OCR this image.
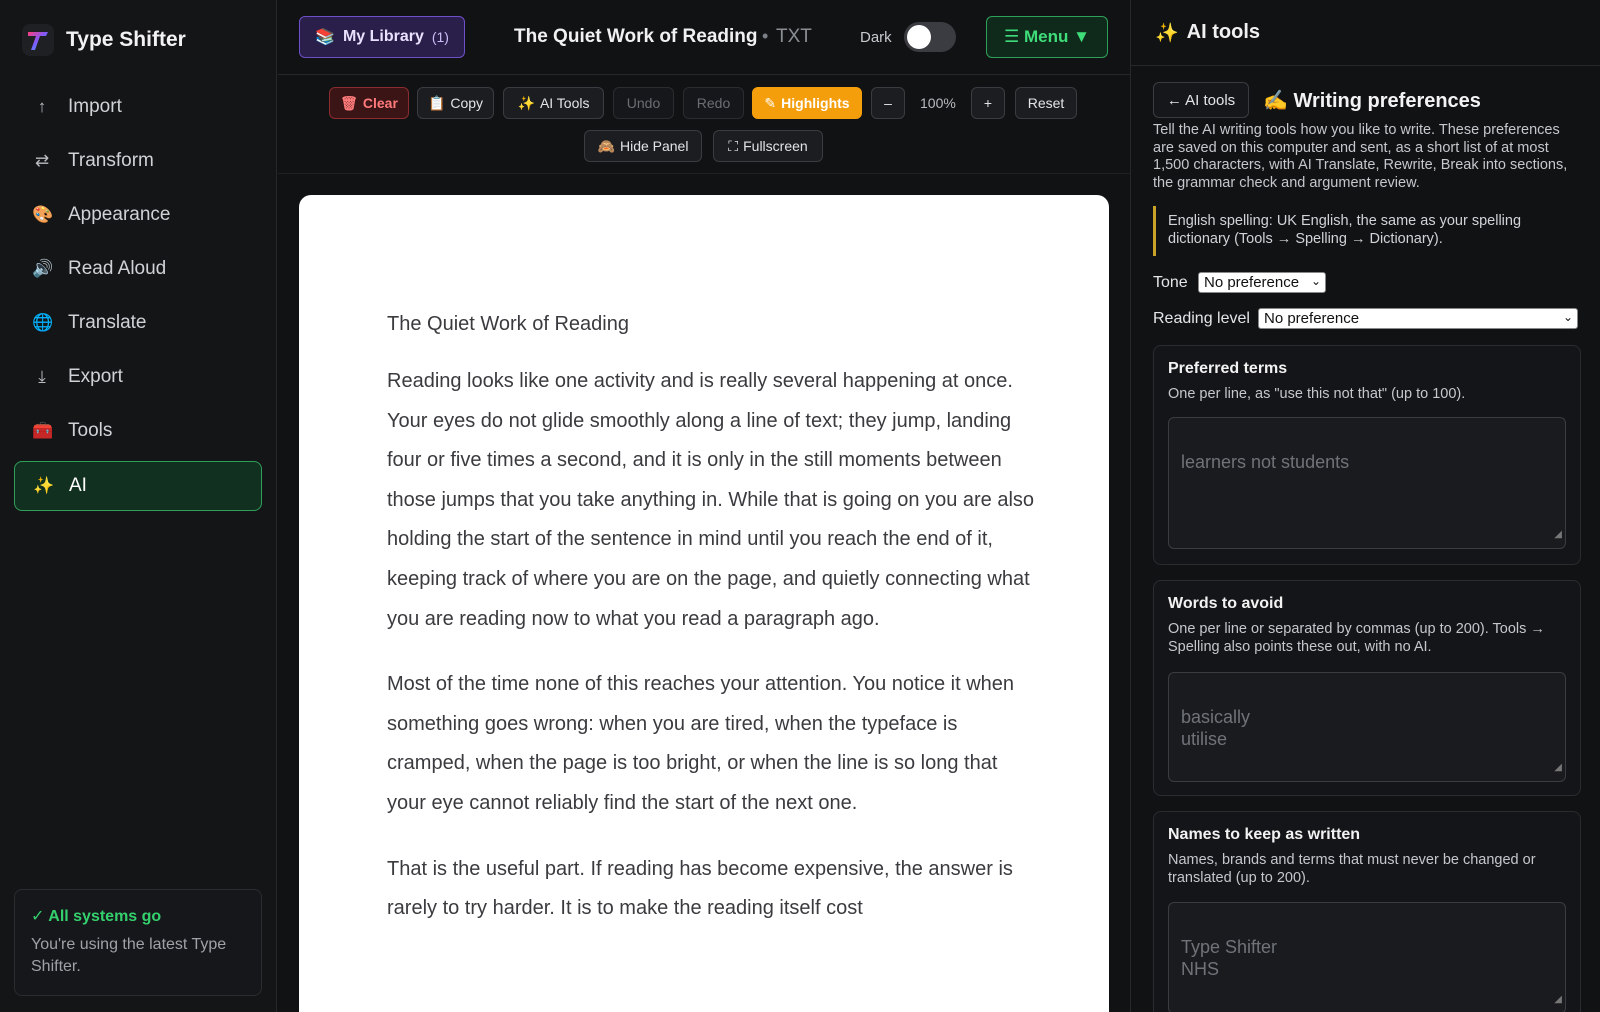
Type Shifter
↑	Import
⇄ Transform
🎨 Appearance
🔊 Read Aloud
🌐 Translate
⤓	Export
🧰 Tools
✨ AI
✓ All systems go
You're using the latest Type Shifter.
📚 My Library (1)	The Quiet Work of Reading • TXT	Dark	☰ Menu ▼
🗑 Clear 📋 Copy ✨ AI Tools	Undo	Redo	✎ Highlights	–	100%	+	Reset
🙈 Hide Panel	⛶ Fullscreen
The Quiet Work of Reading

Reading looks like one activity and is really several happening at once. Your eyes do not glide smoothly along a line of text; they jump, landing four or five times a second, and it is only in the still moments between those jumps that you take anything in. While that is going on you are also holding the start of the sentence in mind until you reach the end of it, keeping track of where you are on the page, and quietly connecting what you are reading now to what you read a paragraph ago.

Most of the time none of this reaches your attention. You notice it when something goes wrong: when you are tired, when the typeface is cramped, when the page is too bright, or when the line is so long that your eye cannot reliably find the start of the next one.

That is the useful part. If reading has become expensive, the answer is rarely to try harder. It is to make the reading itself cost

✨ AI tools
← AI tools	✍️ Writing preferences
Tell the AI writing tools how you like to write. These preferences are saved on this computer and sent, as a short list of at most 1,500 characters, with AI Translate, Rewrite, Break into sections, the grammar check and argument review.
English spelling: UK English, the same as your spelling dictionary (Tools → Spelling → Dictionary).
Tone No preference ⌄
Reading level No preference	⌄
Preferred terms
One per line, as "use this not that" (up to 100).

learners not students

◢

Words to avoid
One per line or separated by commas (up to 200). Tools → Spelling also points these out, with no AI.

basically
utilise

◢

Names to keep as written
Names, brands and terms that must never be changed or translated (up to 200).

Type Shifter
NHS

◢
